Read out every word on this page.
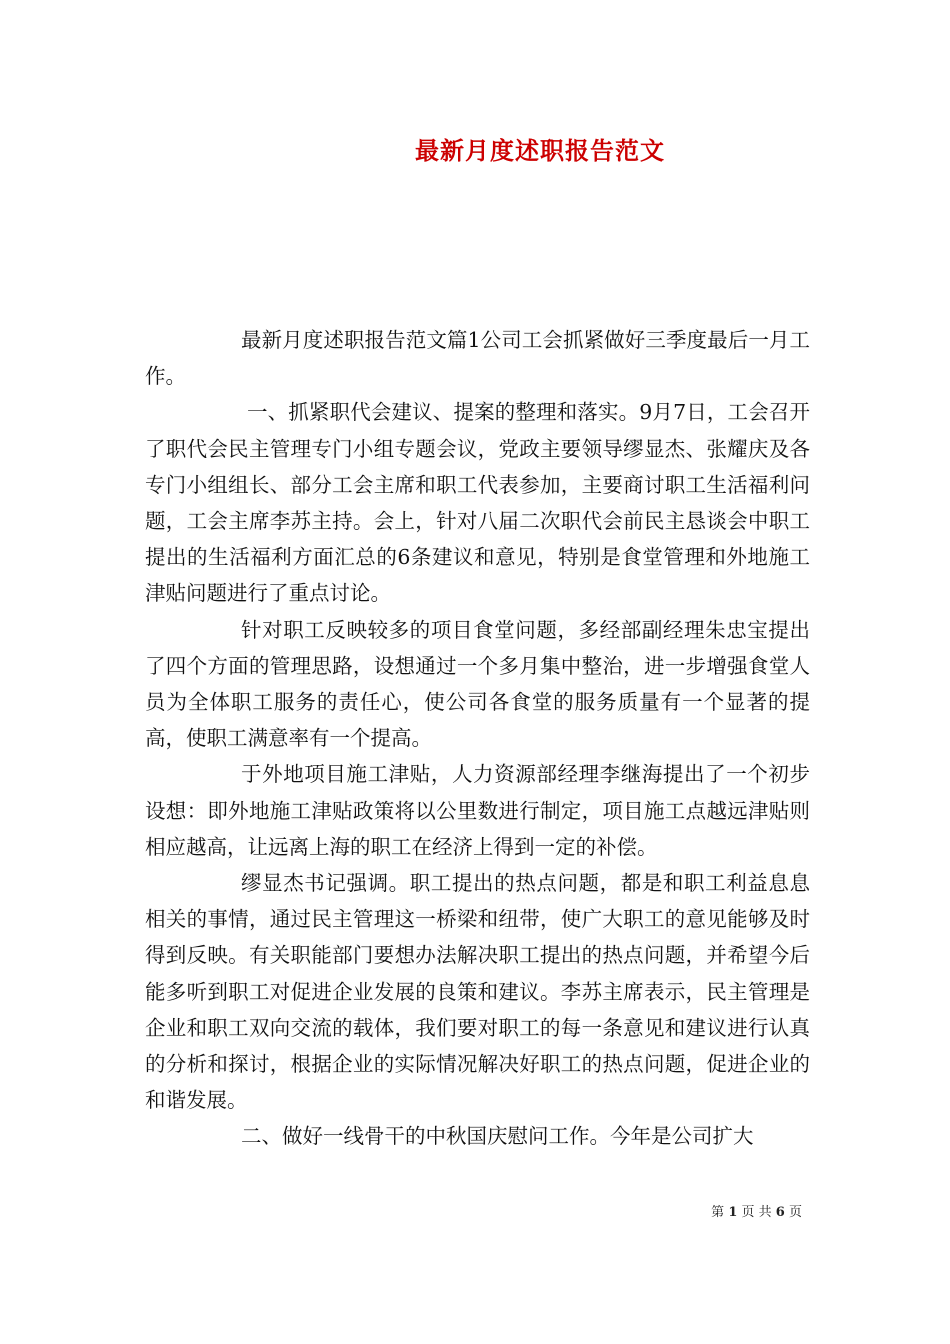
最新月度述职报告范文

最新月度述职报告范文篇1公司工会抓紧做好三季度最后一月工作。

一、抓紧职代会建议、提案的整理和落实。9月7日，工会召开了职代会民主管理专门小组专题会议，党政主要领导缪显杰、张耀庆及各专门小组组长、部分工会主席和职工代表参加，主要商讨职工生活福利问题，工会主席李苏主持。会上，针对八届二次职代会前民主恳谈会中职工提出的生活福利方面汇总的6条建议和意见，特别是食堂管理和外地施工津贴问题进行了重点讨论。

针对职工反映较多的项目食堂问题，多经部副经理朱忠宝提出了四个方面的管理思路，设想通过一个多月集中整治，进一步增强食堂人员为全体职工服务的责任心，使公司各食堂的服务质量有一个显著的提高，使职工满意率有一个提高。

于外地项目施工津贴，人力资源部经理李继海提出了一个初步设想：即外地施工津贴政策将以公里数进行制定，项目施工点越远津贴则相应越高，让远离上海的职工在经济上得到一定的补偿。

缪显杰书记强调。职工提出的热点问题，都是和职工利益息息相关的事情，通过民主管理这一桥梁和纽带，使广大职工的意见能够及时得到反映。有关职能部门要想办法解决职工提出的热点问题，并希望今后能多听到职工对促进企业发展的良策和建议。李苏主席表示，民主管理是企业和职工双向交流的载体，我们要对职工的每一条意见和建议进行认真的分析和探讨，根据企业的实际情况解决好职工的热点问题，促进企业的和谐发展。

二、做好一线骨干的中秋国庆慰问工作。今年是公司扩大

第 1 页 共 6 页
